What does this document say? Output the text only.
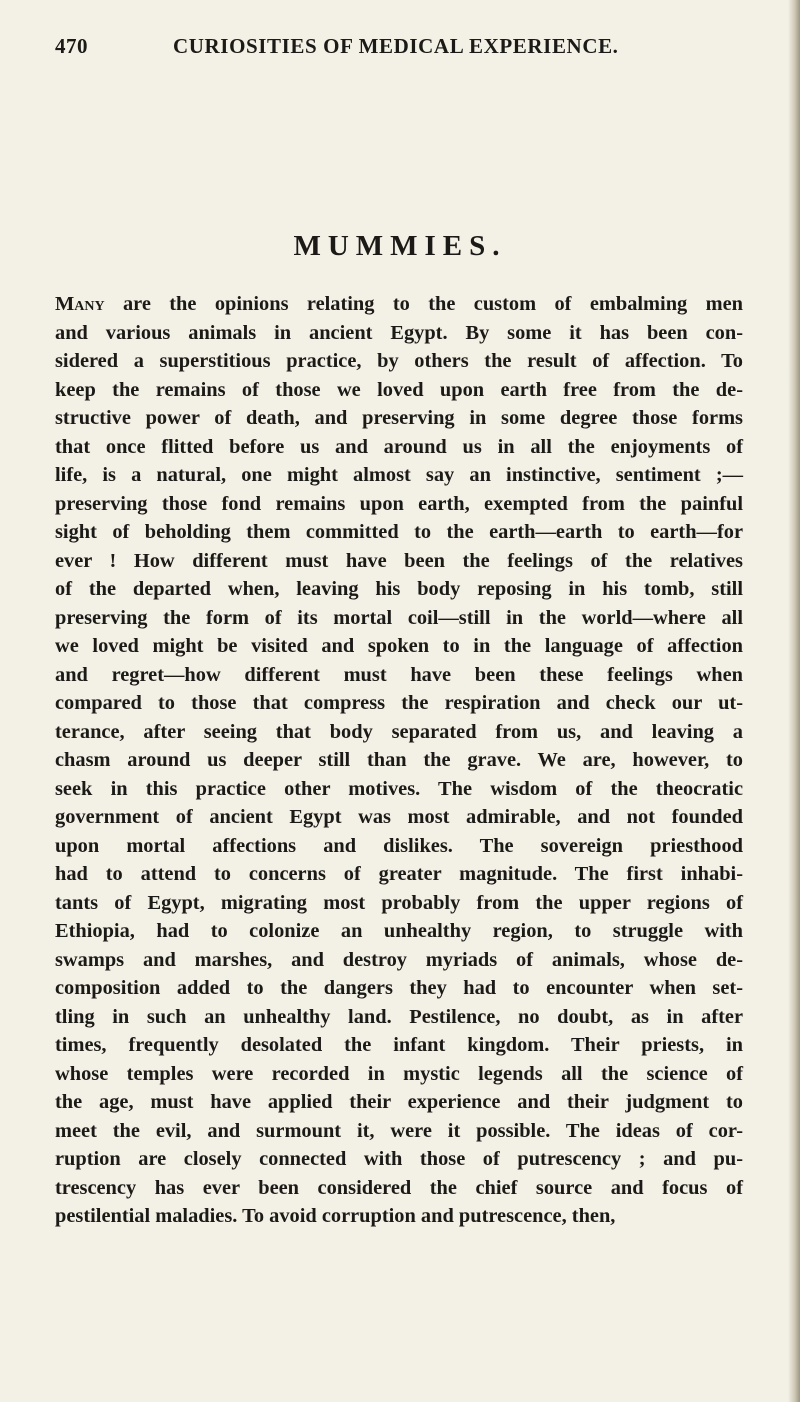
470	CURIOSITIES OF MEDICAL EXPERIENCE.
MUMMIES.
Many are the opinions relating to the custom of embalming men
and various animals in ancient Egypt. By some it has been con-
sidered a superstitious practice, by others the result of affection. To
keep the remains of those we loved upon earth free from the de-
structive power of death, and preserving in some degree those forms
that once flitted before us and around us in all the enjoyments of
life, is a natural, one might almost say an instinctive, sentiment ;—
preserving those fond remains upon earth, exempted from the painful
sight of beholding them committed to the earth—earth to earth—for
ever ! How different must have been the feelings of the relatives
of the departed when, leaving his body reposing in his tomb, still
preserving the form of its mortal coil—still in the world—where all
we loved might be visited and spoken to in the language of affection
and regret—how different must have been these feelings when
compared to those that compress the respiration and check our ut-
terance, after seeing that body separated from us, and leaving a
chasm around us deeper still than the grave. We are, however, to
seek in this practice other motives. The wisdom of the theocratic
government of ancient Egypt was most admirable, and not founded
upon mortal affections and dislikes. The sovereign priesthood
had to attend to concerns of greater magnitude. The first inhabi-
tants of Egypt, migrating most probably from the upper regions of
Ethiopia, had to colonize an unhealthy region, to struggle with
swamps and marshes, and destroy myriads of animals, whose de-
composition added to the dangers they had to encounter when set-
tling in such an unhealthy land. Pestilence, no doubt, as in after
times, frequently desolated the infant kingdom. Their priests, in
whose temples were recorded in mystic legends all the science of
the age, must have applied their experience and their judgment to
meet the evil, and surmount it, were it possible. The ideas of cor-
ruption are closely connected with those of putrescency ; and pu-
trescency has ever been considered the chief source and focus of
pestilential maladies. To avoid corruption and putrescence, then,
